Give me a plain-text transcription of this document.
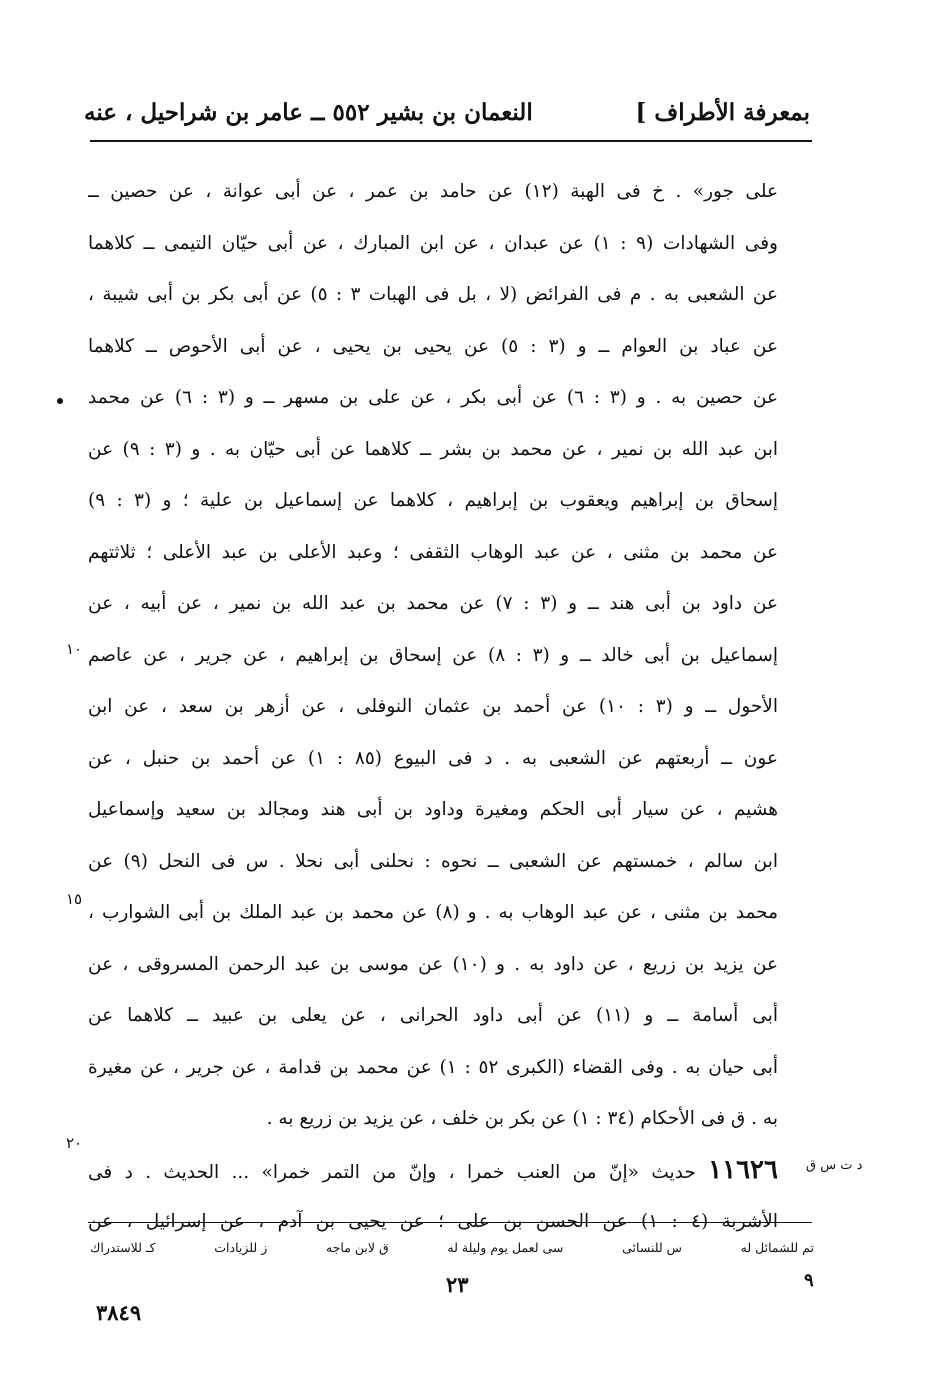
بمعرفة الأطراف ]
النعمان بن بشير ٥٥٢ ــ عامر بن شراحيل ، عنه
١٠
١٥
٢٠
د ت س ق
على جور» . خ فى الهبة (١٢) عن حامد بن عمر ، عن أبى عوانة ، عن حصين ــ
وفى الشهادات (٩ : ١) عن عبدان ، عن ابن المبارك ، عن أبى حيّان التيمى ــ كلاهما
عن الشعبى به . م فى الفرائض (لا ، بل فى الهبات ٣ : ٥) عن أبى بكر بن أبى شيبة ،
عن عباد بن العوام ــ و (٣ : ٥) عن يحيى بن يحيى ، عن أبى الأحوص ــ كلاهما
عن حصين به . و (٣ : ٦) عن أبى بكر ، عن على بن مسهر ــ و (٣ : ٦) عن محمد
ابن عبد الله بن نمير ، عن محمد بن بشر ــ كلاهما عن أبى حيّان به . و (٣ : ٩) عن
إسحاق بن إبراهيم ويعقوب بن إبراهيم ، كلاهما عن إسماعيل بن علية ؛ و (٣ : ٩)
عن محمد بن مثنى ، عن عبد الوهاب الثقفى ؛ وعبد الأعلى بن عبد الأعلى ؛ ثلاثتهم
عن داود بن أبى هند ــ و (٣ : ٧) عن محمد بن عبد الله بن نمير ، عن أبيه ، عن
إسماعيل بن أبى خالد ــ و (٣ : ٨) عن إسحاق بن إبراهيم ، عن جرير ، عن عاصم
الأحول ــ و (٣ : ١٠) عن أحمد بن عثمان النوفلى ، عن أزهر بن سعد ، عن ابن
عون ــ أربعتهم عن الشعبى به . د فى البيوع (٨٥ : ١) عن أحمد بن حنبل ، عن
هشيم ، عن سيار أبى الحكم ومغيرة وداود بن أبى هند ومجالد بن سعيد وإسماعيل
ابن سالم ، خمستهم عن الشعبى ــ نحوه : نحلنى أبى نحلا . س فى النحل (٩) عن
محمد بن مثنى ، عن عبد الوهاب به . و (٨) عن محمد بن عبد الملك بن أبى الشوارب ،
عن يزيد بن زريع ، عن داود به . و (١٠) عن موسى بن عبد الرحمن المسروقى ، عن
أبى أسامة ــ و (١١) عن أبى داود الحرانى ، عن يعلى بن عبيد ــ كلاهما عن
أبى حيان به . وفى القضاء (الكبرى ٥٢ : ١) عن محمد بن قدامة ، عن جرير ، عن مغيرة
به . ق فى الأحكام (٣٤ : ١) عن بكر بن خلف ، عن يزيد بن زريع به .
١١٦٢٦ حديث «إنّ من العنب خمرا ، وإنّ من التمر خمرا» ... الحديث . د فى
الأشربة (٤ : ١) عن الحسن بن على ؛ عن يحيى بن آدم ، عن إسرائيل ، عن
تم للشمائل له
س للنسائى
سى لعمل يوم وليلة له
ق لابن ماجه
ز للزيادات
كـ للاستدراك
٩
٢٣
٣٨٤٩
